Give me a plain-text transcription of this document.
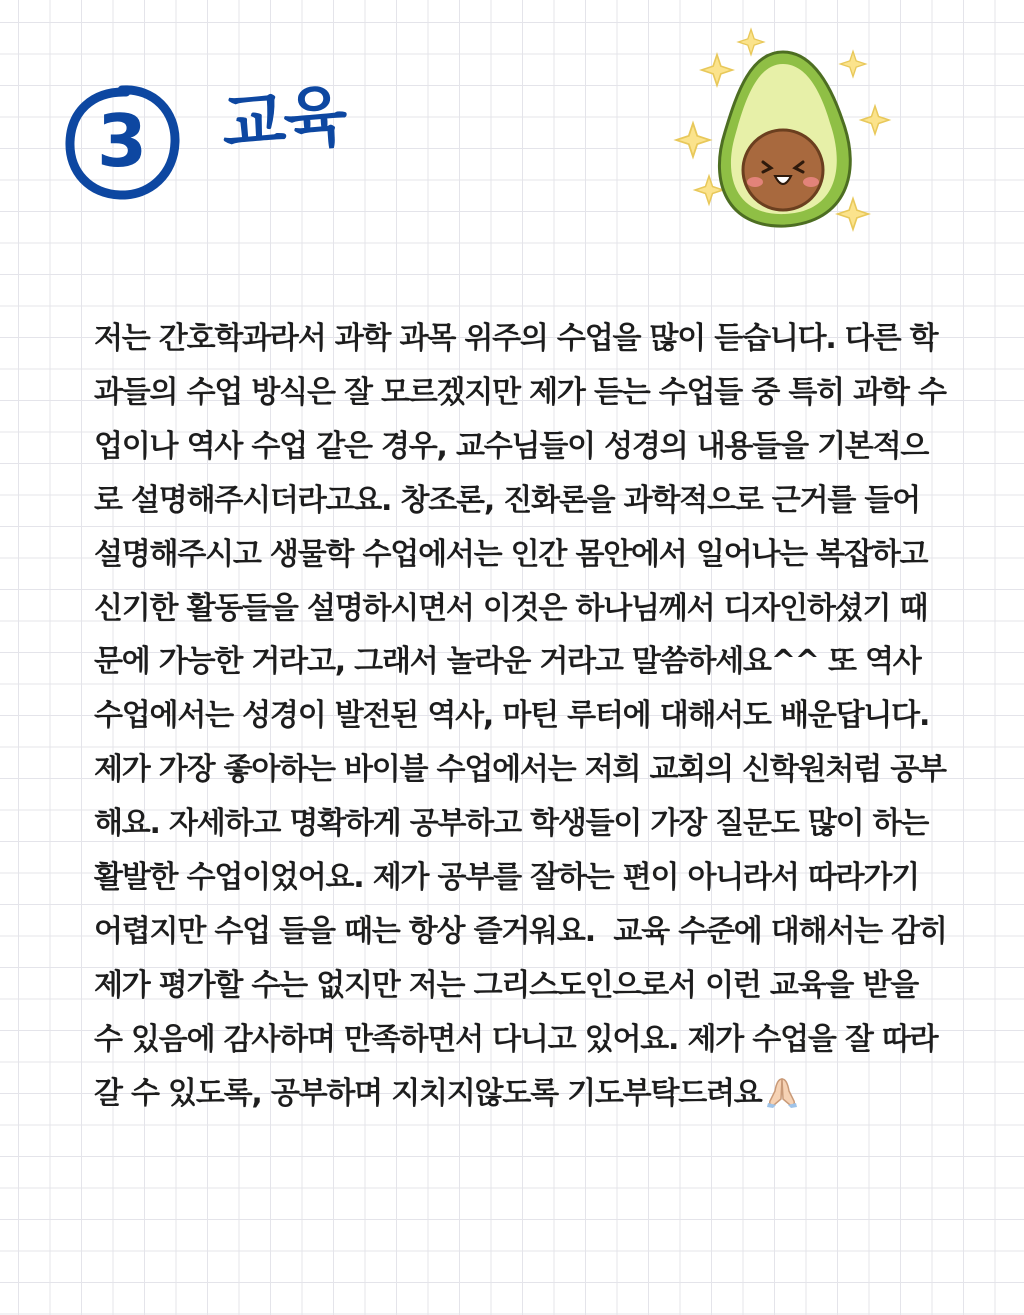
3 교육

저는 간호학과라서 과학 과목 위주의 수업을 많이 듣습니다. 다른 학과들의 수업 방식은 잘 모르겠지만 제가 듣는 수업들 중 특히 과학 수업이나 역사 수업 같은 경우, 교수님들이 성경의 내용들을 기본적으로 설명해주시더라고요. 창조론, 진화론을 과학적으로 근거를 들어 설명해주시고 생물학 수업에서는 인간 몸안에서 일어나는 복잡하고 신기한 활동들을 설명하시면서 이것은 하나님께서 디자인하셨기 때문에 가능한 거라고, 그래서 놀라운 거라고 말씀하세요^^ 또 역사 수업에서는 성경이 발전된 역사, 마틴 루터에 대해서도 배운답니다. 제가 가장 좋아하는 바이블 수업에서는 저희 교회의 신학원처럼 공부해요. 자세하고 명확하게 공부하고 학생들이 가장 질문도 많이 하는 활발한 수업이었어요. 제가 공부를 잘하는 편이 아니라서 따라가기 어렵지만 수업 들을 때는 항상 즐거워요.  교육 수준에 대해서는 감히 제가 평가할 수는 없지만 저는 그리스도인으로서 이런 교육을 받을 수 있음에 감사하며 만족하면서 다니고 있어요. 제가 수업을 잘 따라갈 수 있도록, 공부하며 지치지않도록 기도부탁드려요
